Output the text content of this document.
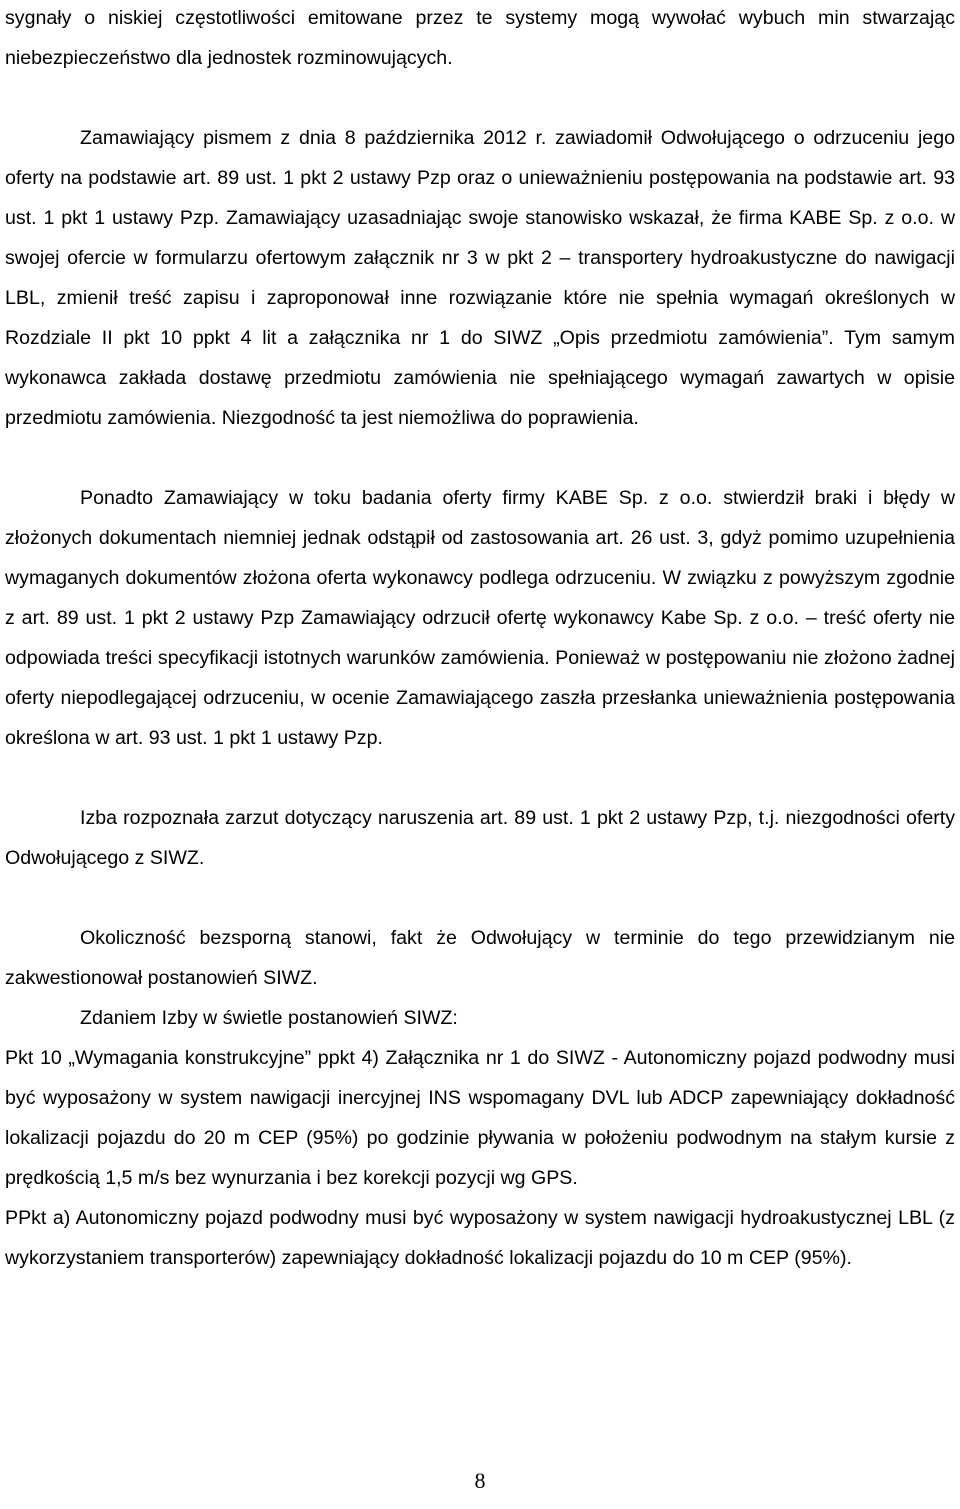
sygnały o niskiej częstotliwości emitowane przez te systemy mogą wywołać wybuch min stwarzając niebezpieczeństwo dla jednostek rozminowujących.

Zamawiający pismem z dnia 8 października 2012 r. zawiadomił Odwołującego o odrzuceniu jego oferty na podstawie art. 89 ust. 1 pkt 2 ustawy Pzp oraz o unieważnieniu postępowania na podstawie art. 93 ust. 1 pkt 1 ustawy Pzp. Zamawiający uzasadniając swoje stanowisko wskazał, że firma KABE Sp. z o.o. w swojej ofercie w formularzu ofertowym załącznik nr 3 w pkt 2 – transportery hydroakustyczne do nawigacji LBL, zmienił treść zapisu i zaproponował inne rozwiązanie które nie spełnia wymagań określonych w Rozdziale II pkt 10 ppkt 4 lit a załącznika nr 1 do SIWZ „Opis przedmiotu zamówienia”. Tym samym wykonawca zakłada dostawę przedmiotu zamówienia nie spełniającego wymagań zawartych w opisie przedmiotu zamówienia. Niezgodność ta jest niemożliwa do poprawienia.

Ponadto Zamawiający w toku badania oferty firmy KABE Sp. z o.o. stwierdził braki i błędy w złożonych dokumentach niemniej jednak odstąpił od zastosowania art. 26 ust. 3, gdyż pomimo uzupełnienia wymaganych dokumentów złożona oferta wykonawcy podlega odrzuceniu. W związku z powyższym zgodnie z art. 89 ust. 1 pkt 2 ustawy Pzp Zamawiający odrzucił ofertę wykonawcy Kabe Sp. z o.o. – treść oferty nie odpowiada treści specyfikacji istotnych warunków zamówienia. Ponieważ w postępowaniu nie złożono żadnej oferty niepodlegającej odrzuceniu, w ocenie Zamawiającego zaszła przesłanka unieważnienia postępowania określona w art. 93 ust. 1 pkt 1 ustawy Pzp.

Izba rozpoznała zarzut dotyczący naruszenia art. 89 ust. 1 pkt 2 ustawy Pzp, t.j. niezgodności oferty Odwołującego z SIWZ.

Okoliczność bezsporną stanowi, fakt że Odwołujący w terminie do tego przewidzianym nie zakwestionował postanowień SIWZ.

Zdaniem Izby w świetle postanowień SIWZ:

Pkt 10 „Wymagania konstrukcyjne” ppkt 4) Załącznika nr 1 do SIWZ - Autonomiczny pojazd podwodny musi być wyposażony w system nawigacji inercyjnej INS wspomagany DVL lub ADCP zapewniający dokładność lokalizacji pojazdu do 20 m CEP (95%) po godzinie pływania w położeniu podwodnym na stałym kursie z prędkością 1,5 m/s bez wynurzania i bez korekcji pozycji wg GPS.

PPkt a) Autonomiczny pojazd podwodny musi być wyposażony w system nawigacji hydroakustycznej LBL (z wykorzystaniem transporterów) zapewniający dokładność lokalizacji pojazdu do 10 m CEP (95%).

8
